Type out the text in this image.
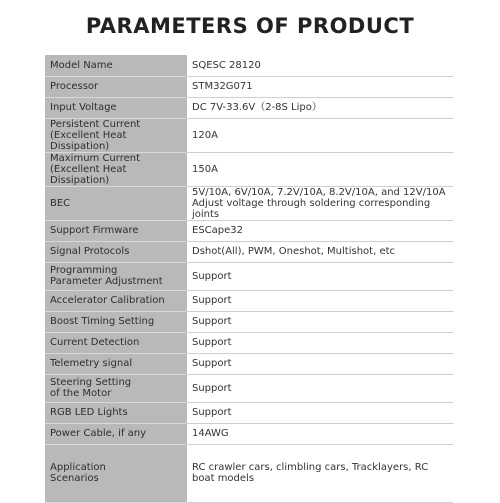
PARAMETERS OF PRODUCT
Model Name	SQESC 28120
Processor	STM32G071
Input Voltage	DC 7V-33.6V（2-8S Lipo）

Persistent Current
(Excellent Heat Dissipation)	120A

Maximum Current
(Excellent Heat Dissipation)	150A
BEC	5V/10A, 6V/10A, 7.2V/10A, 8.2V/10A, and 12V/10A
Adjust voltage through soldering corresponding joints

Support Firmware	ESCape32
Signal Protocols	Dshot(All), PWM, Oneshot, Multishot, etc

Programming
Parameter Adjustment	Support
Accelerator Calibration	Support
Boost Timing Setting	Support
Current Detection	Support
Telemetry signal	Support

Steering Setting
of the Motor	Support
RGB LED Lights	Support
Power Cable, if any	14AWG

Application
Scenarios	RC crawler cars, climbling cars, Tracklayers, RC
boat models
